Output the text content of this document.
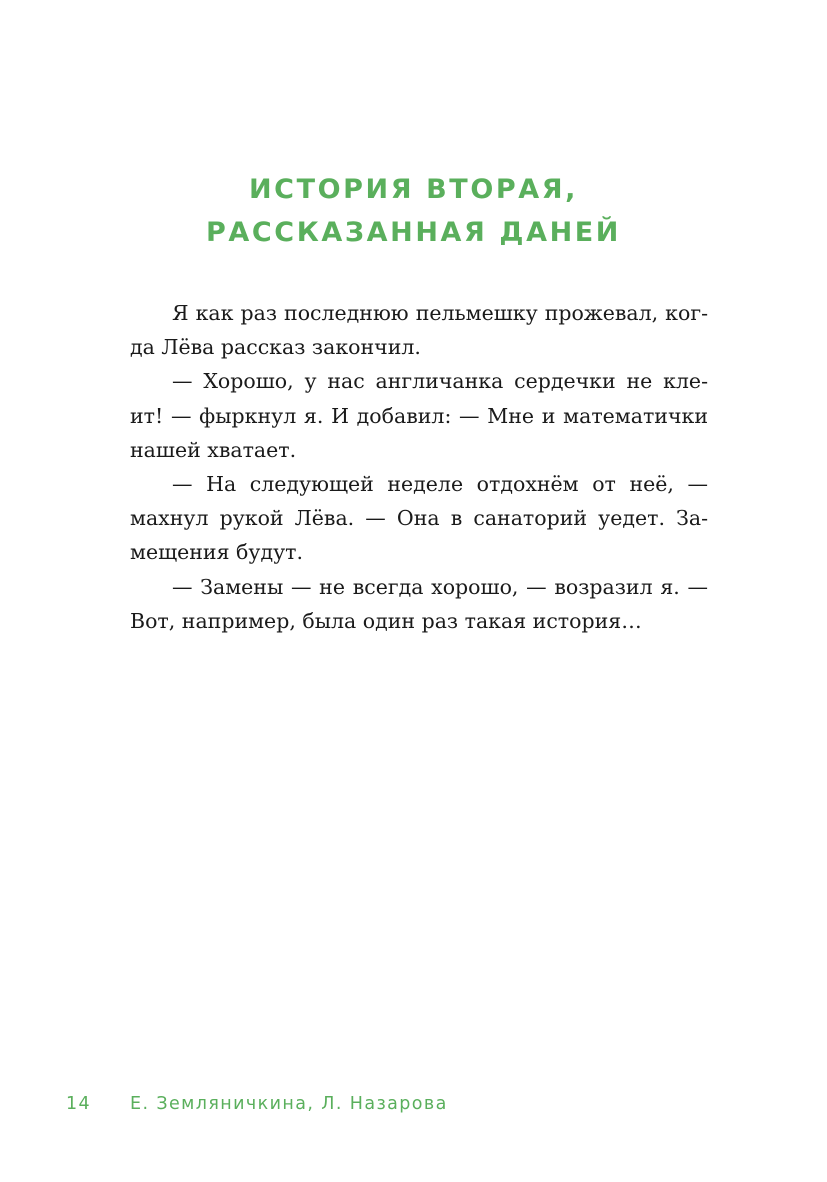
ИСТОРИЯ ВТОРАЯ,
РАССКАЗАННАЯ ДАНЕЙ
Я как раз последнюю пельмешку прожевал, ког-
да Лёва рассказ закончил.
— Хорошо, у нас англичанка сердечки не кле-
ит! — фыркнул я. И добавил: — Мне и математички
нашей хватает.
— На следующей неделе отдохнём от неё, —
махнул рукой Лёва. — Она в санаторий уедет. За-
мещения будут.
— Замены — не всегда хорошо, — возразил я. —
Вот, например, была один раз такая история…
14 Е. Земляничкина, Л. Назарова
